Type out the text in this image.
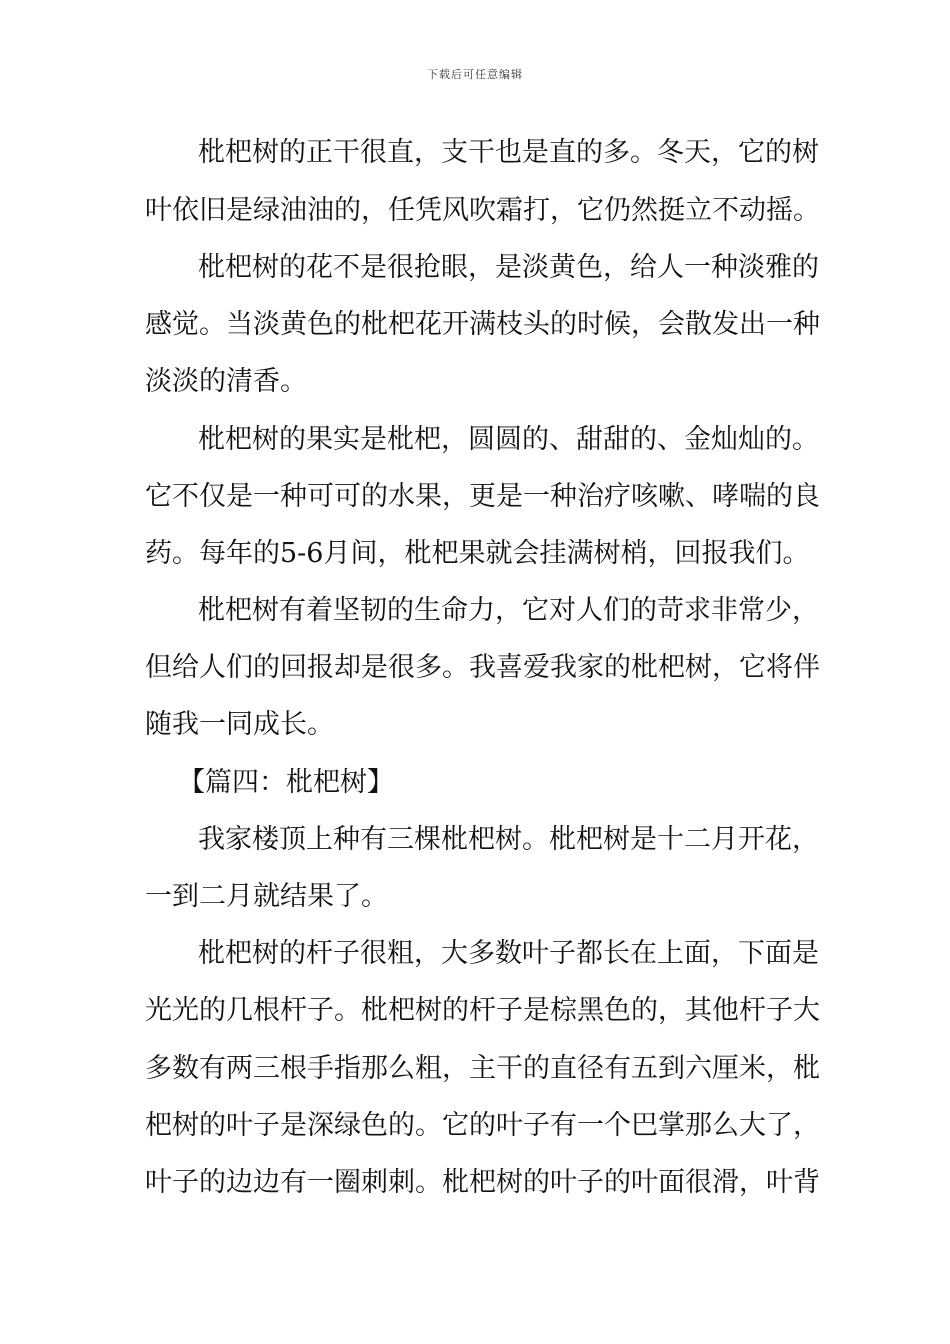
下载后可任意编辑
枇杷树的正干很直，支干也是直的多。冬天，它的树
叶依旧是绿油油的，任凭风吹霜打，它仍然挺立不动摇。
枇杷树的花不是很抢眼，是淡黄色，给人一种淡雅的
感觉。当淡黄色的枇杷花开满枝头的时候，会散发出一种
淡淡的清香。
枇杷树的果实是枇杷，圆圆的、甜甜的、金灿灿的。
它不仅是一种可可的水果，更是一种治疗咳嗽、哮喘的良
药。每年的5-6月间，枇杷果就会挂满树梢，回报我们。
枇杷树有着坚韧的生命力，它对人们的苛求非常少，
但给人们的回报却是很多。我喜爱我家的枇杷树，它将伴
随我一同成长。
【篇四：枇杷树】
我家楼顶上种有三棵枇杷树。枇杷树是十二月开花，
一到二月就结果了。
枇杷树的杆子很粗，大多数叶子都长在上面，下面是
光光的几根杆子。枇杷树的杆子是棕黑色的，其他杆子大
多数有两三根手指那么粗，主干的直径有五到六厘米，枇
杷树的叶子是深绿色的。它的叶子有一个巴掌那么大了，
叶子的边边有一圈刺刺。枇杷树的叶子的叶面很滑，叶背
